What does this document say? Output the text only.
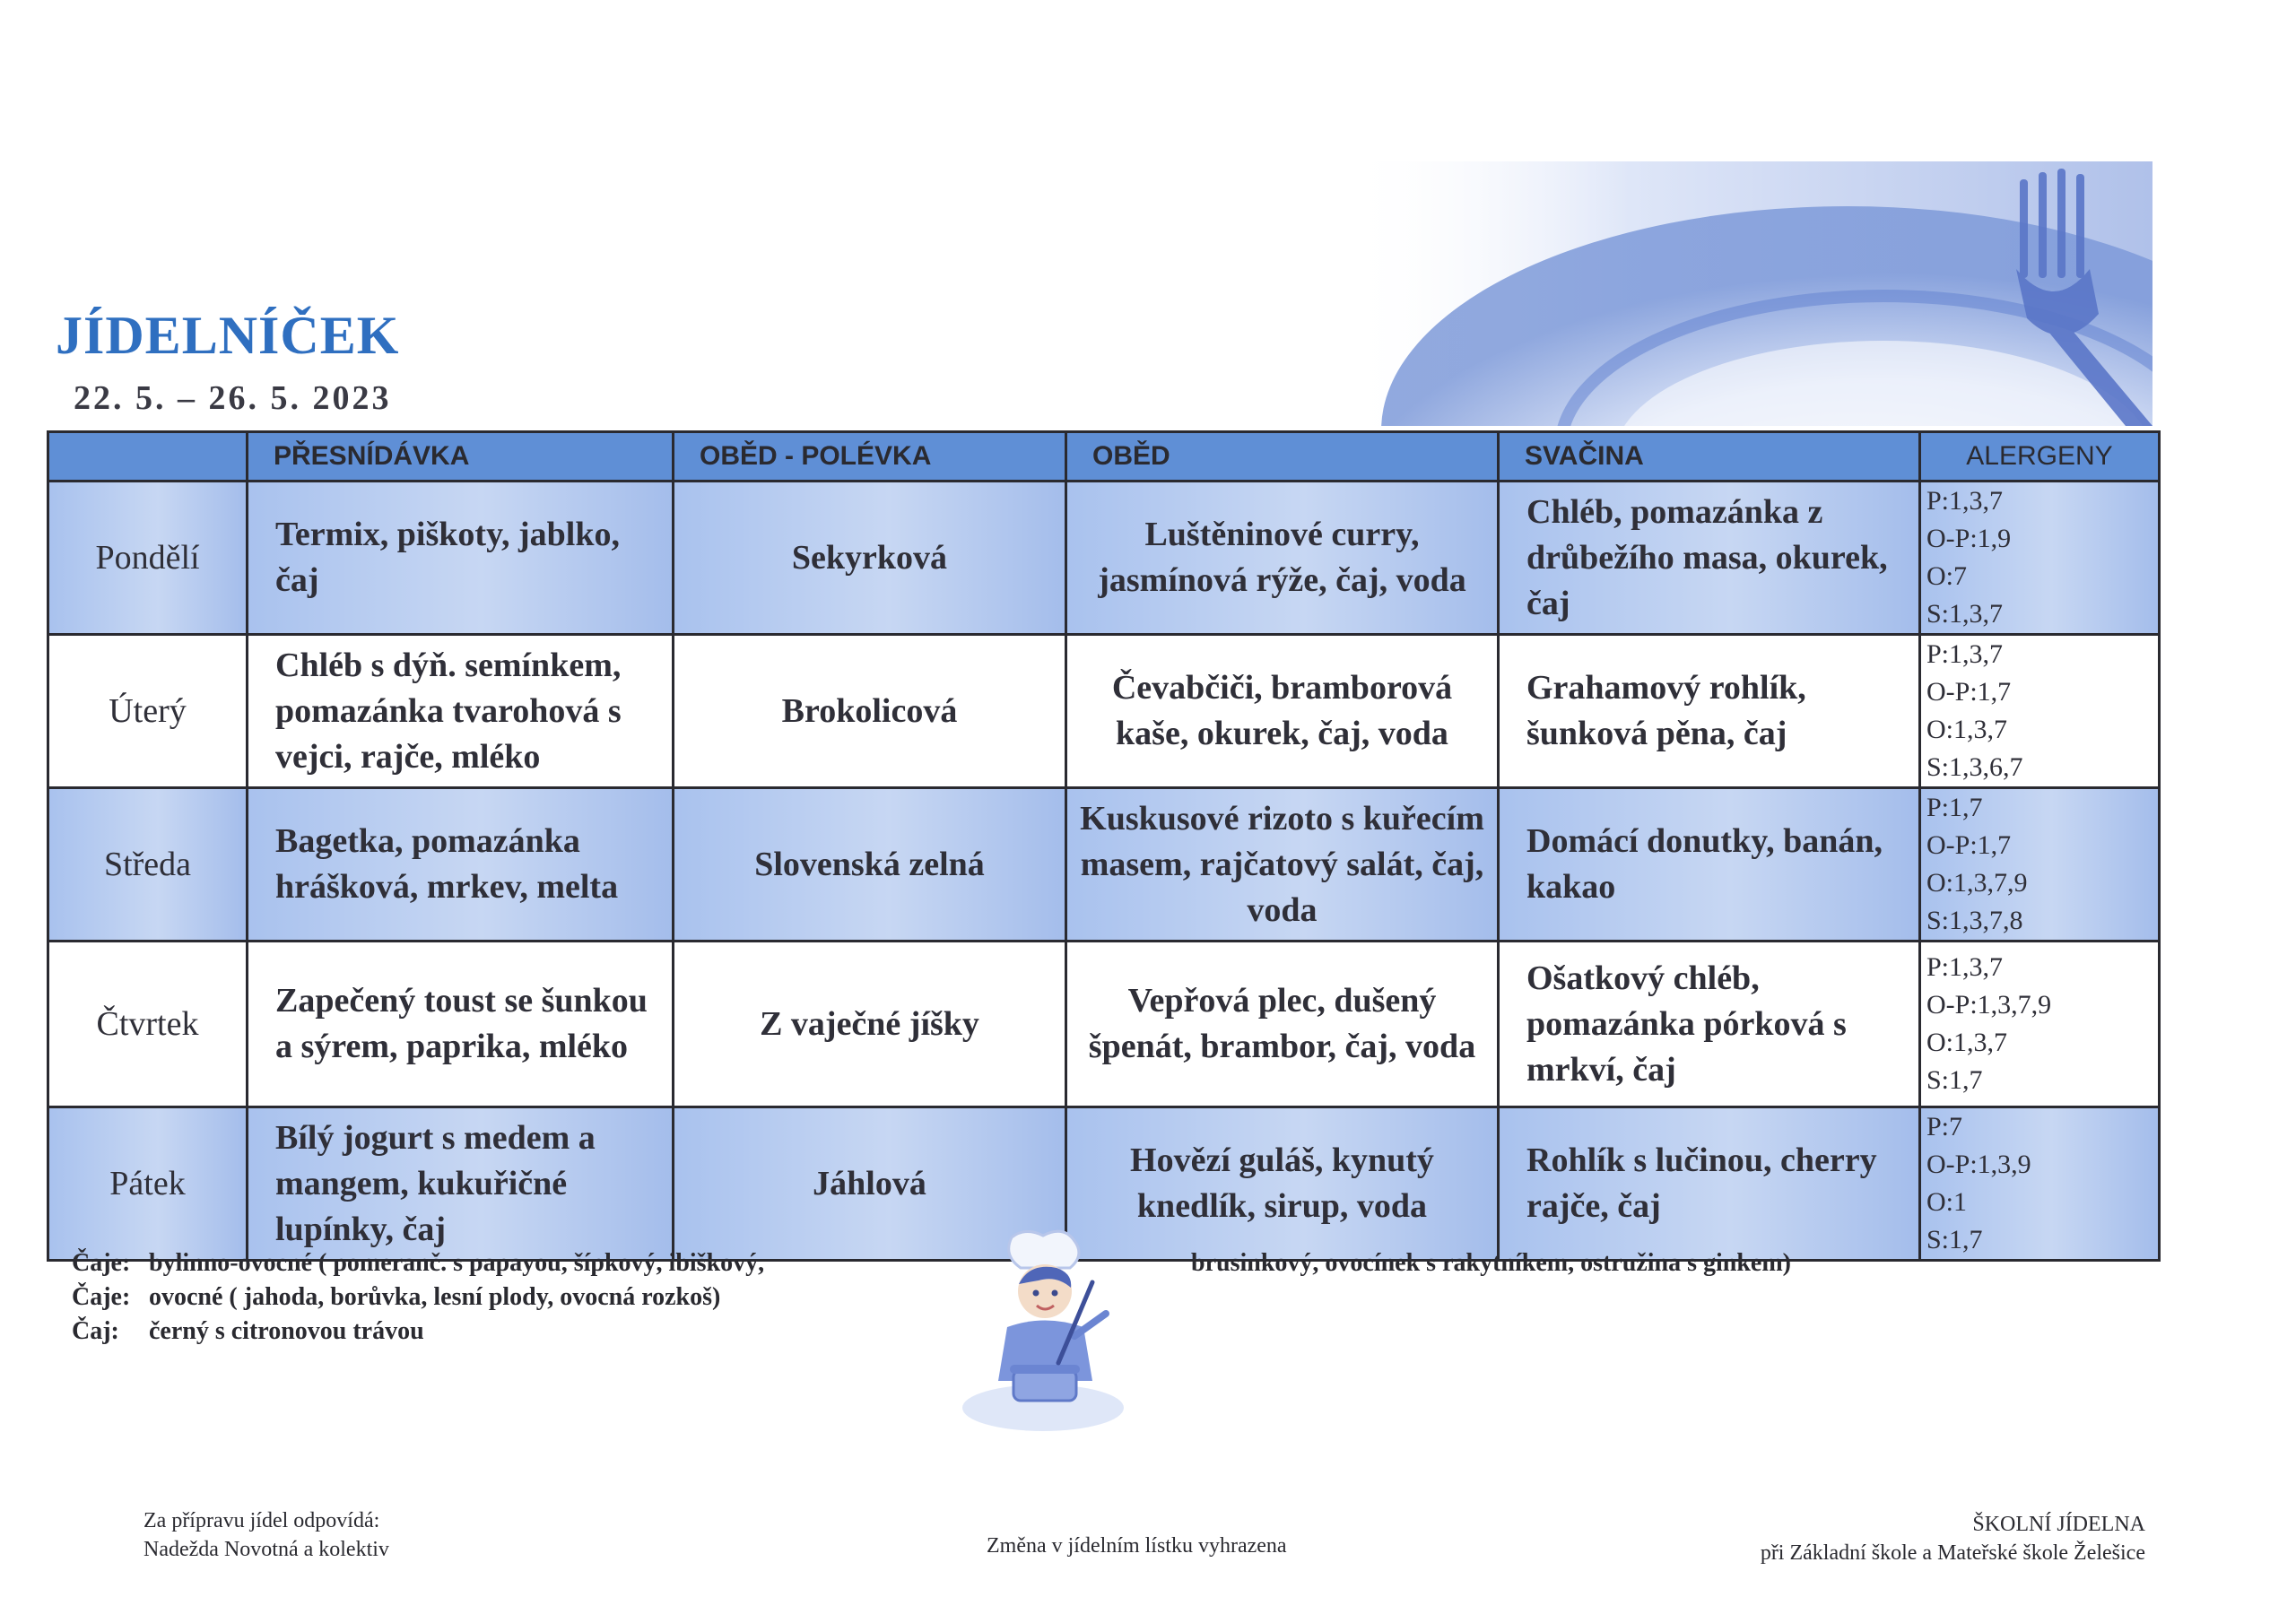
JÍDELNÍČEK
22. 5. – 26. 5. 2023
	PŘESNÍDÁVKA	OBĚD - POLÉVKA	OBĚD	SVAČINA	ALERGENY
Pondělí	Termix, piškoty, jablko, čaj	Sekyrková	Luštěninové curry, jasmínová rýže, čaj, voda	Chléb, pomazánka z drůbežího masa, okurek, čaj	P:1,3,7
O-P:1,9
O:7
S:1,3,7

Úterý	Chléb s dýň. semínkem, pomazánka tvarohová s vejci, rajče, mléko	Brokolicová	Čevabčiči, bramborová kaše, okurek, čaj, voda	Grahamový rohlík, šunková pěna, čaj	P:1,3,7
O-P:1,7
O:1,3,7
S:1,3,6,7

Středa	Bagetka, pomazánka hrášková, mrkev, melta	Slovenská zelná	Kuskusové rizoto s kuřecím masem, rajčatový salát, čaj, voda	Domácí donutky, banán, kakao	P:1,7
O-P:1,7
O:1,3,7,9
S:1,3,7,8

Čtvrtek	Zapečený toust se šunkou a sýrem, paprika, mléko	Z vaječné jíšky	Vepřová plec, dušený špenát, brambor, čaj, voda	Ošatkový chléb, pomazánka pórková s mrkví, čaj	P:1,3,7
O-P:1,3,7,9
O:1,3,7
S:1,7

Pátek	Bílý jogurt s medem a mangem, kukuřičné lupínky, čaj	Jáhlová	Hovězí guláš, kynutý knedlík, sirup, voda	Rohlík s lučinou, cherry rajče, čaj	P:7
O-P:1,3,9
O:1
S:1,7
Čaje: bylinno-ovocné ( pomeranč. s papayou, šípkový, ibiškový,
Čaje: ovocné ( jahoda, borůvka, lesní plody, ovocná rozkoš)
Čaj:	černý s citronovou trávou
brusinkový, ovocínek s rakytníkem, ostružina s ginkem)
Za přípravu jídel odpovídá:
Nadežda Novotná a kolektiv	Změna v jídelním lístku vyhrazena
ŠKOLNÍ JÍDELNA
při Základní škole a Mateřské škole Želešice
